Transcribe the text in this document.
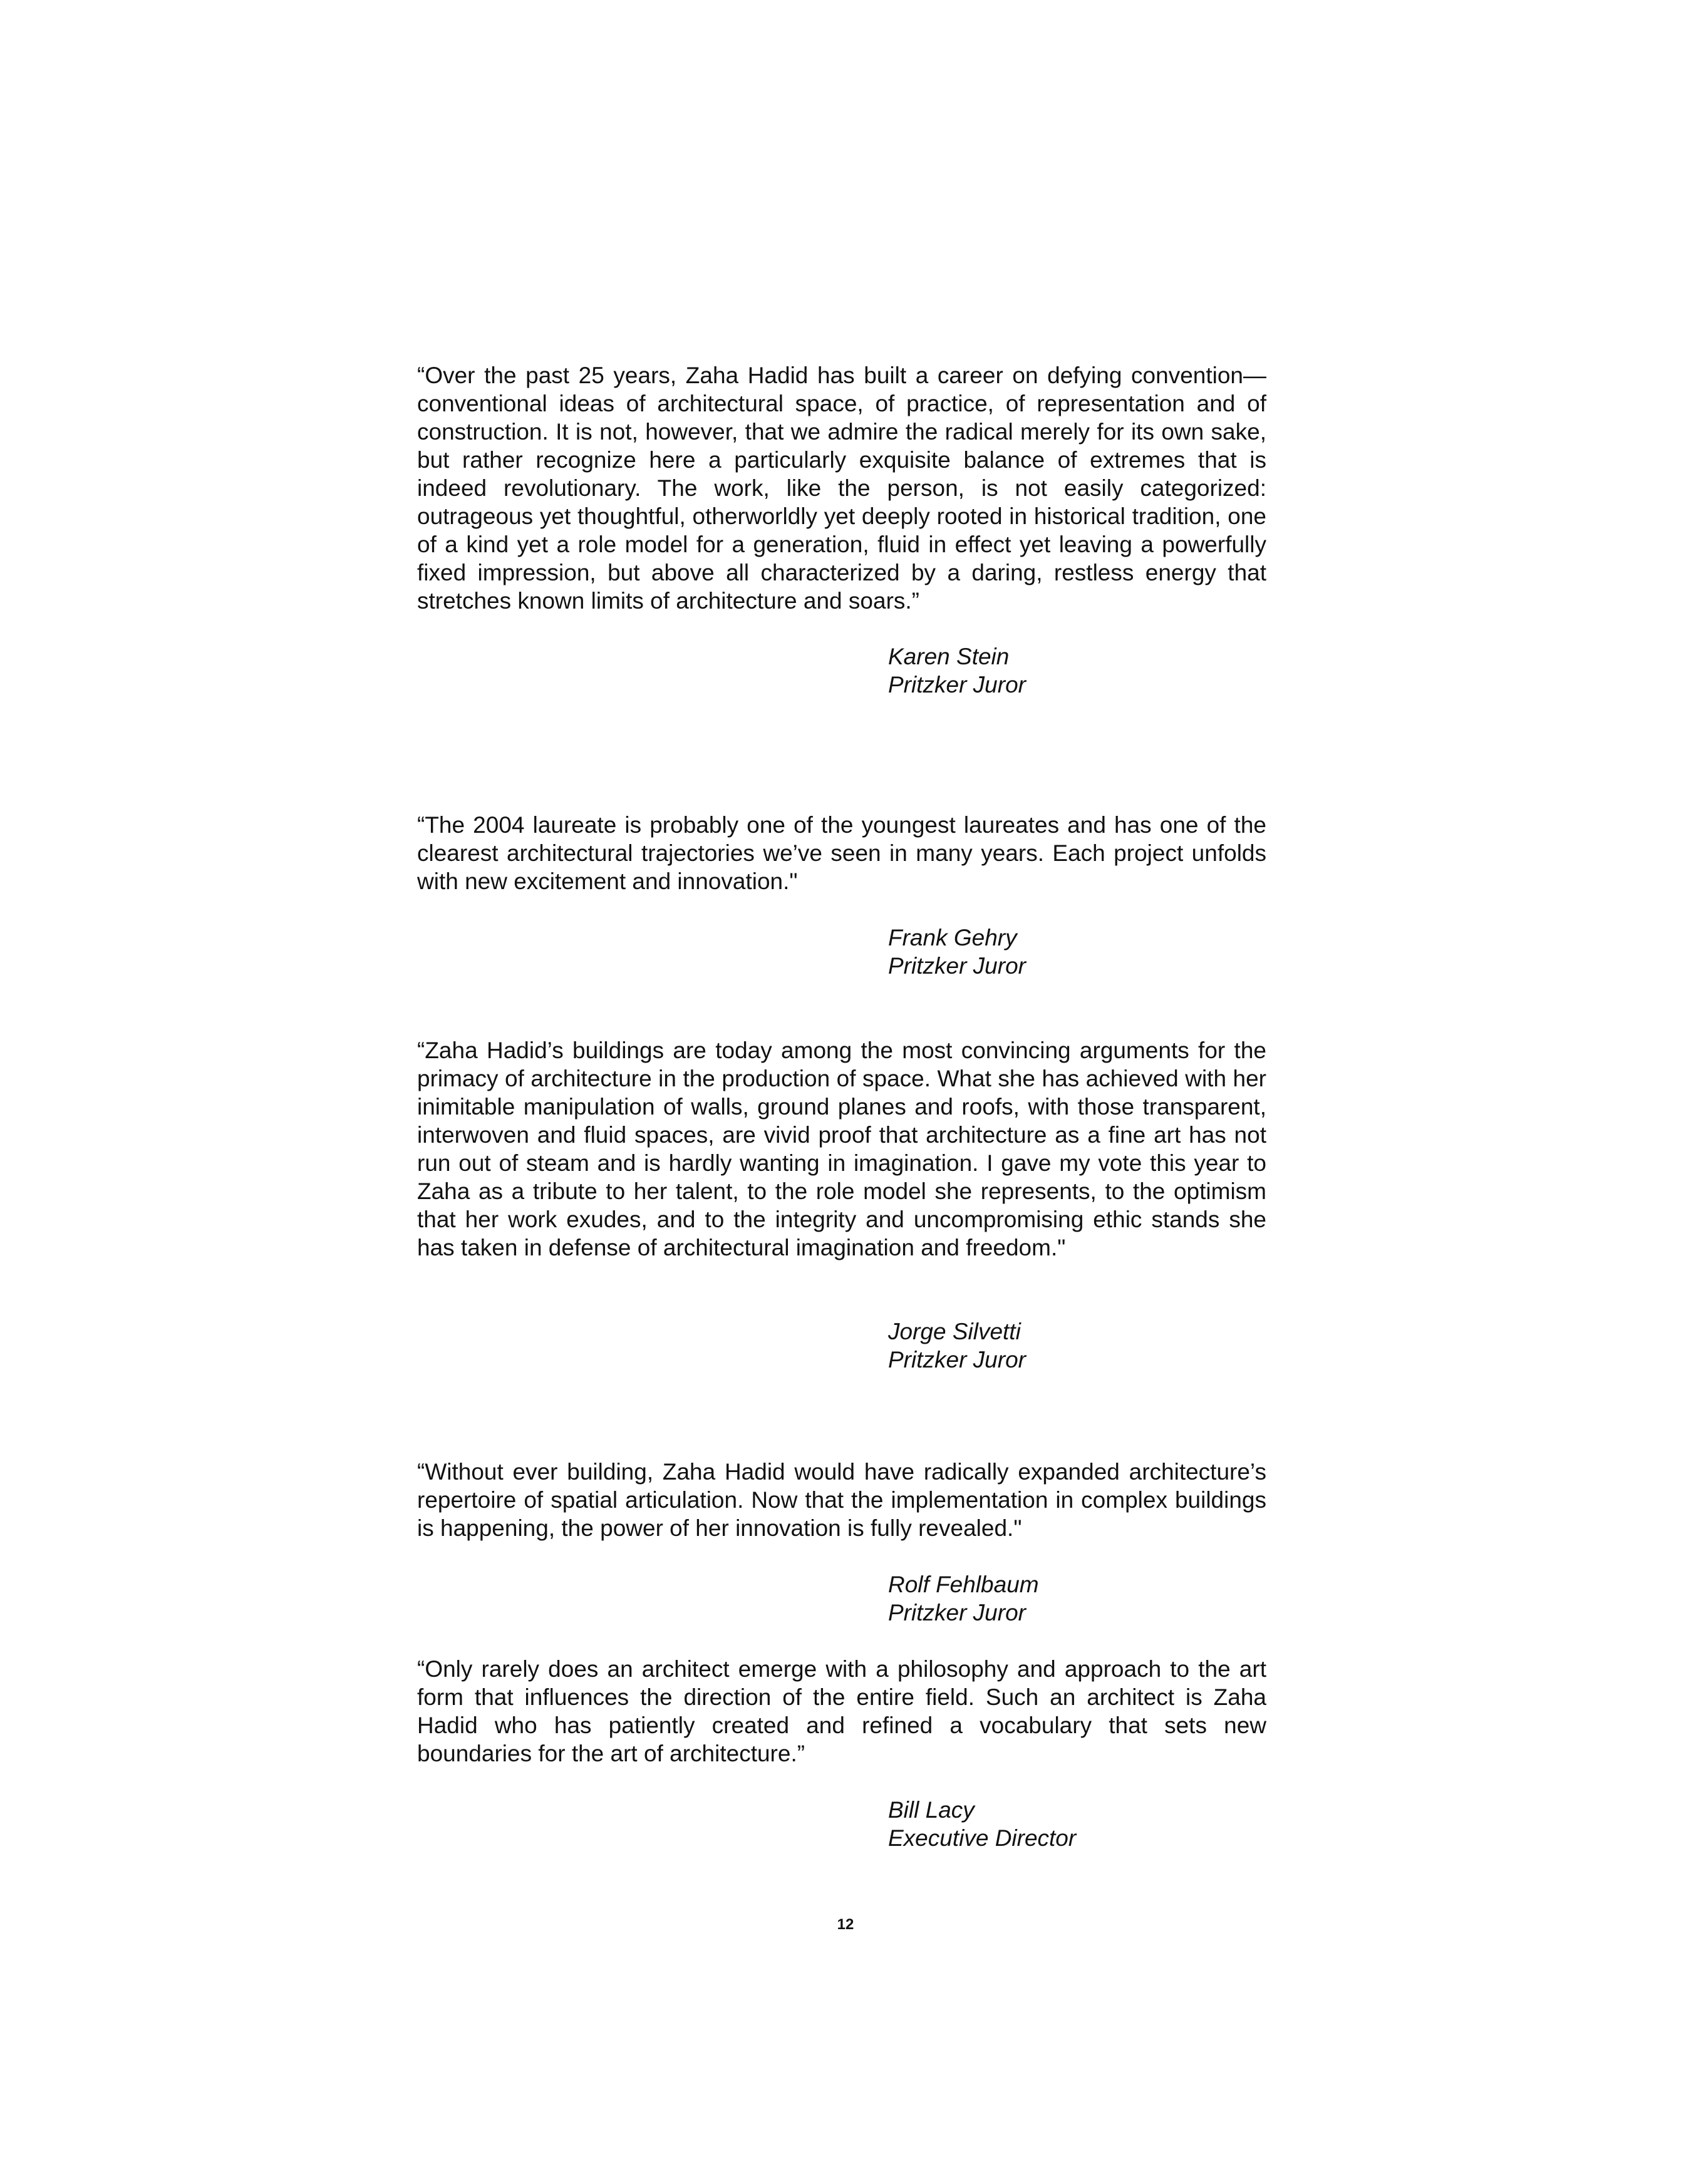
“Over the past 25 years, Zaha Hadid has built a career on defying convention—conventional ideas of architectural space, of practice, of representation and of construction. It is not, however, that we admire the radical merely for its own sake, but rather recognize here a particularly exquisite balance of extremes that is indeed revolutionary. The work, like the person, is not easily categorized: outrageous yet thoughtful, otherworldly yet deeply rooted in historical tradition, one of a kind yet a role model for a generation, fluid in effect yet leaving a powerfully fixed impression, but above all characterized by a daring, restless energy that stretches known limits of architecture and soars.”

Karen Stein
Pritzker Juror

“The 2004 laureate is probably one of the youngest laureates and has one of the clearest architectural trajectories we’ve seen in many years. Each project unfolds with new excitement and innovation."

Frank Gehry
Pritzker Juror

“Zaha Hadid’s buildings are today among the most convincing arguments for the primacy of architecture in the production of space. What she has achieved with her inimitable manipulation of walls, ground planes and roofs, with those transparent, interwoven and fluid spaces, are vivid proof that architecture as a fine art has not run out of steam and is hardly wanting in imagination. I gave my vote this year to Zaha as a tribute to her talent, to the role model she represents, to the optimism that her work exudes, and to the integrity and uncompromising ethic stands she has taken in defense of architectural imagination and freedom."

Jorge Silvetti
Pritzker Juror

“Without ever building, Zaha Hadid would have radically expanded architecture’s repertoire of spatial articulation. Now that the implementation in complex buildings is happening, the power of her innovation is fully revealed."

Rolf Fehlbaum
Pritzker Juror

“Only rarely does an architect emerge with a philosophy and approach to the art form that influences the direction of the entire field. Such an architect is Zaha Hadid who has patiently created and refined a vocabulary that sets new boundaries for the art of architecture.”

Bill Lacy
Executive Director

12
